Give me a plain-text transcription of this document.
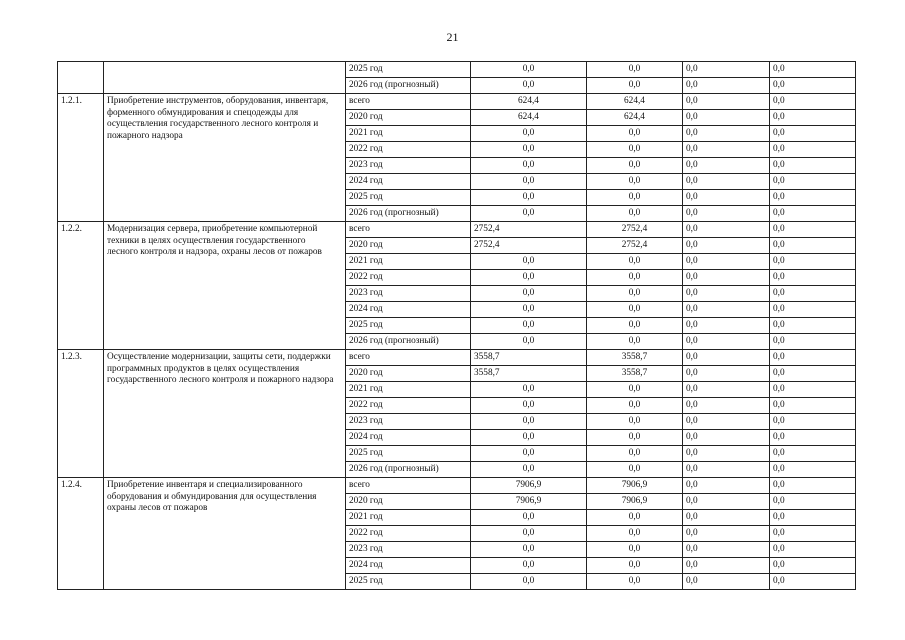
21
		2025 год	0,0	0,0	0,0	0,0
		2026 год (прогнозный)	0,0	0,0	0,0	0,0
1.2.1.	Приобретение инструментов, оборудования, инвентаря, форменного обмундирования и спецодежды для осуществления государственного лесного контроля и пожарного надзора	всего	624,4	624,4	0,0	0,0
		2020 год	624,4	624,4	0,0	0,0
		2021 год	0,0	0,0	0,0	0,0
		2022 год	0,0	0,0	0,0	0,0
		2023 год	0,0	0,0	0,0	0,0
		2024 год	0,0	0,0	0,0	0,0
		2025 год	0,0	0,0	0,0	0,0
		2026 год (прогнозный)	0,0	0,0	0,0	0,0
1.2.2.	Модернизация сервера, приобретение компьютерной техники в целях осуществления государственного лесного контроля и надзора, охраны лесов от пожаров	всего	2752,4	2752,4	0,0	0,0
		2020 год	2752,4	2752,4	0,0	0,0
		2021 год	0,0	0,0	0,0	0,0
		2022 год	0,0	0,0	0,0	0,0
		2023 год	0,0	0,0	0,0	0,0
		2024 год	0,0	0,0	0,0	0,0
		2025 год	0,0	0,0	0,0	0,0
		2026 год (прогнозный)	0,0	0,0	0,0	0,0
1.2.3.	Осуществление модернизации, защиты сети, поддержки программных продуктов в целях осуществления государственного лесного контроля и пожарного надзора	всего	3558,7	3558,7	0,0	0,0
		2020 год	3558,7	3558,7	0,0	0,0
		2021 год	0,0	0,0	0,0	0,0
		2022 год	0,0	0,0	0,0	0,0
		2023 год	0,0	0,0	0,0	0,0
		2024 год	0,0	0,0	0,0	0,0
		2025 год	0,0	0,0	0,0	0,0
		2026 год (прогнозный)	0,0	0,0	0,0	0,0
1.2.4.	Приобретение инвентаря и специализированного оборудования и обмундирования для осуществления охраны лесов от пожаров	всего	7906,9	7906,9	0,0	0,0
		2020 год	7906,9	7906,9	0,0	0,0
		2021 год	0,0	0,0	0,0	0,0
		2022 год	0,0	0,0	0,0	0,0
		2023 год	0,0	0,0	0,0	0,0
		2024 год	0,0	0,0	0,0	0,0
		2025 год	0,0	0,0	0,0	0,0
